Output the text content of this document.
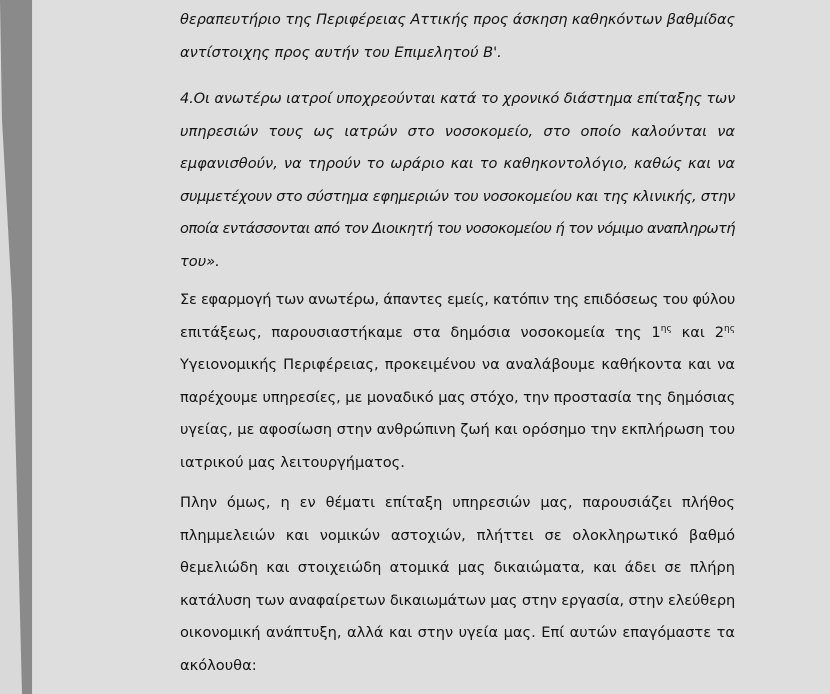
θεραπευτήριο της Περιφέρειας Αττικής προς άσκηση καθηκόντων βαθμίδας
αντίστοιχης προς αυτήν του Επιμελητού Β'.
4.Οι ανωτέρω ιατροί υποχρεούνται κατά το χρονικό διάστημα επίταξης των
υπηρεσιών τους ως ιατρών στο νοσοκομείο, στο οποίο καλούνται να
εμφανισθούν, να τηρούν το ωράριο και το καθηκοντολόγιο, καθώς και να
συμμετέχουν στο σύστημα εφημεριών του νοσοκομείου και της κλινικής, στην
οποία εντάσσονται από τον Διοικητή του νοσοκομείου ή τον νόμιμο αναπληρωτή
του».
Σε εφαρμογή των ανωτέρω, άπαντες εμείς, κατόπιν της επιδόσεως του φύλου
επιτάξεως, παρουσιαστήκαμε στα δημόσια νοσοκομεία της $1^{\eta\varsigma}$ και $2^{\eta\varsigma}$
Υγειονομικής Περιφέρειας, προκειμένου να αναλάβουμε καθήκοντα και να
παρέχουμε υπηρεσίες, με μοναδικό μας στόχο, την προστασία της δημόσιας
υγείας, με αφοσίωση στην ανθρώπινη ζωή και ορόσημο την εκπλήρωση του
ιατρικού μας λειτουργήματος.
Πλην όμως, η εν θέματι επίταξη υπηρεσιών μας, παρουσιάζει πλήθος
πλημμελειών και νομικών αστοχιών, πλήττει σε ολοκληρωτικό βαθμό
θεμελιώδη και στοιχειώδη ατομικά μας δικαιώματα, και άδει σε πλήρη
κατάλυση των αναφαίρετων δικαιωμάτων μας στην εργασία, στην ελεύθερη
οικονομική ανάπτυξη, αλλά και στην υγεία μας. Επί αυτών επαγόμαστε τα
ακόλουθα:
